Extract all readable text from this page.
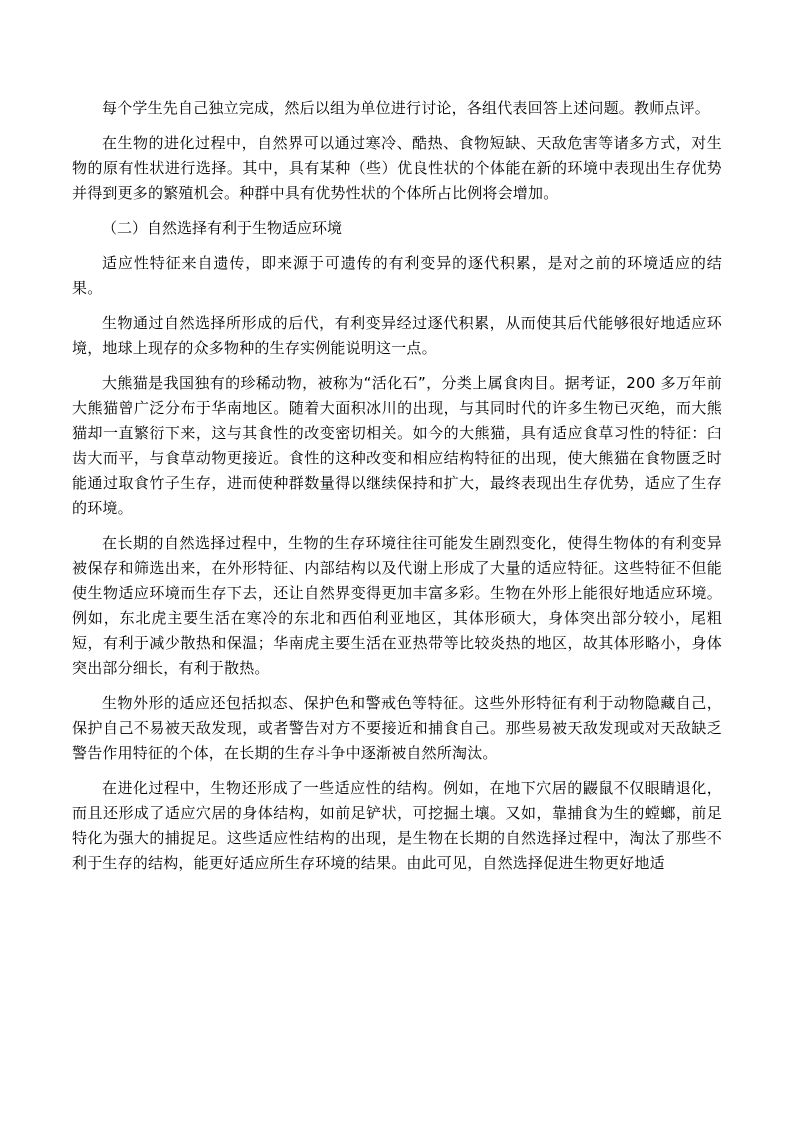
每个学生先自己独立完成，然后以组为单位进行讨论，各组代表回答上述问题。教师点评。

在生物的进化过程中，自然界可以通过寒冷、酷热、食物短缺、天敌危害等诸多方式，对生物的原有性状进行选择。其中，具有某种（些）优良性状的个体能在新的环境中表现出生存优势并得到更多的繁殖机会。种群中具有优势性状的个体所占比例将会增加。

（二）自然选择有利于生物适应环境

适应性特征来自遗传，即来源于可遗传的有利变异的逐代积累，是对之前的环境适应的结果。

生物通过自然选择所形成的后代，有利变异经过逐代积累，从而使其后代能够很好地适应环境，地球上现存的众多物种的生存实例能说明这一点。

大熊猫是我国独有的珍稀动物，被称为“活化石”，分类上属食肉目。据考证，200 多万年前大熊猫曾广泛分布于华南地区。随着大面积冰川的出现，与其同时代的许多生物已灭绝，而大熊猫却一直繁衍下来，这与其食性的改变密切相关。如今的大熊猫，具有适应食草习性的特征：臼齿大而平，与食草动物更接近。食性的这种改变和相应结构特征的出现，使大熊猫在食物匮乏时能通过取食竹子生存，进而使种群数量得以继续保持和扩大，最终表现出生存优势，适应了生存的环境。

在长期的自然选择过程中，生物的生存环境往往可能发生剧烈变化，使得生物体的有利变异被保存和筛选出来，在外形特征、内部结构以及代谢上形成了大量的适应特征。这些特征不但能使生物适应环境而生存下去，还让自然界变得更加丰富多彩。生物在外形上能很好地适应环境。例如，东北虎主要生活在寒冷的东北和西伯利亚地区，其体形硕大，身体突出部分较小，尾粗短，有利于减少散热和保温；华南虎主要生活在亚热带等比较炎热的地区，故其体形略小，身体突出部分细长，有利于散热。

生物外形的适应还包括拟态、保护色和警戒色等特征。这些外形特征有利于动物隐藏自己，保护自己不易被天敌发现，或者警告对方不要接近和捕食自己。那些易被天敌发现或对天敌缺乏警告作用特征的个体，在长期的生存斗争中逐渐被自然所淘汰。

在进化过程中，生物还形成了一些适应性的结构。例如，在地下穴居的鼹鼠不仅眼睛退化，而且还形成了适应穴居的身体结构，如前足铲状，可挖掘土壤。又如，靠捕食为生的螳螂，前足特化为强大的捕捉足。这些适应性结构的出现，是生物在长期的自然选择过程中，淘汰了那些不利于生存的结构，能更好适应所生存环境的结果。由此可见，自然选择促进生物更好地适
